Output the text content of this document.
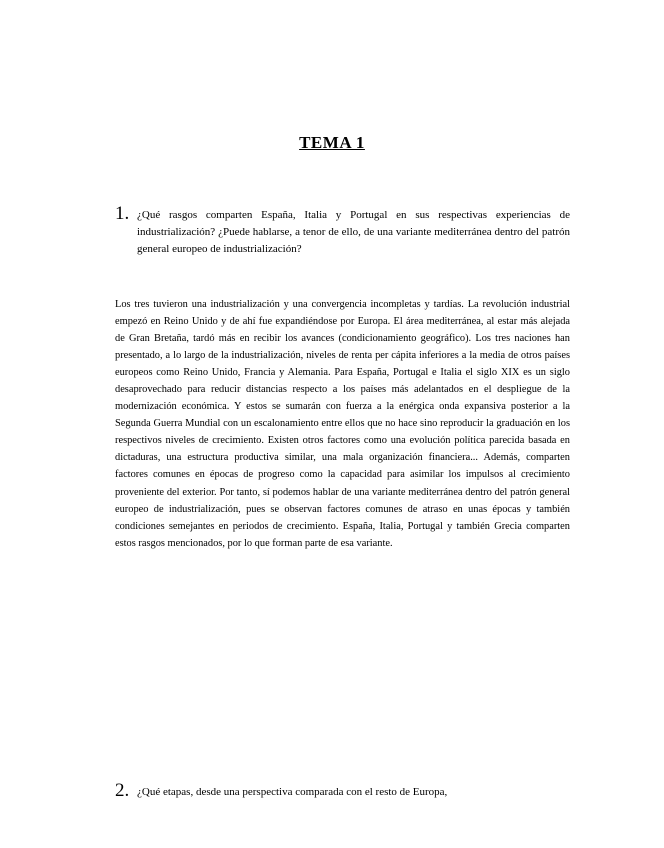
TEMA 1
1. ¿Qué rasgos comparten España, Italia y Portugal en sus respectivas experiencias de industrialización? ¿Puede hablarse, a tenor de ello, de una variante mediterránea dentro del patrón general europeo de industrialización?

Los tres tuvieron una industrialización y una convergencia incompletas y tardías. La revolución industrial empezó en Reino Unido y de ahí fue expandiéndose por Europa. El área mediterránea, al estar más alejada de Gran Bretaña, tardó más en recibir los avances (condicionamiento geográfico). Los tres naciones han presentado, a lo largo de la industrialización, niveles de renta per cápita inferiores a la media de otros países europeos como Reino Unido, Francia y Alemania. Para España, Portugal e Italia el siglo XIX es un siglo desaprovechado para reducir distancias respecto a los países más adelantados en el despliegue de la modernización económica. Y estos se sumarán con fuerza a la enérgica onda expansiva posterior a la Segunda Guerra Mundial con un escalonamiento entre ellos que no hace sino reproducir la graduación en los respectivos niveles de crecimiento. Existen otros factores como una evolución política parecida basada en dictaduras, una estructura productiva similar, una mala organización financiera... Además, comparten factores comunes en épocas de progreso como la capacidad para asimilar los impulsos al crecimiento proveniente del exterior. Por tanto, sí podemos hablar de una variante mediterránea dentro del patrón general europeo de industrialización, pues se observan factores comunes de atraso en unas épocas y también condiciones semejantes en periodos de crecimiento. España, Italia, Portugal y también Grecia comparten estos rasgos mencionados, por lo que forman parte de esa variante.

2. ¿Qué etapas, desde una perspectiva comparada con el resto de Europa,
